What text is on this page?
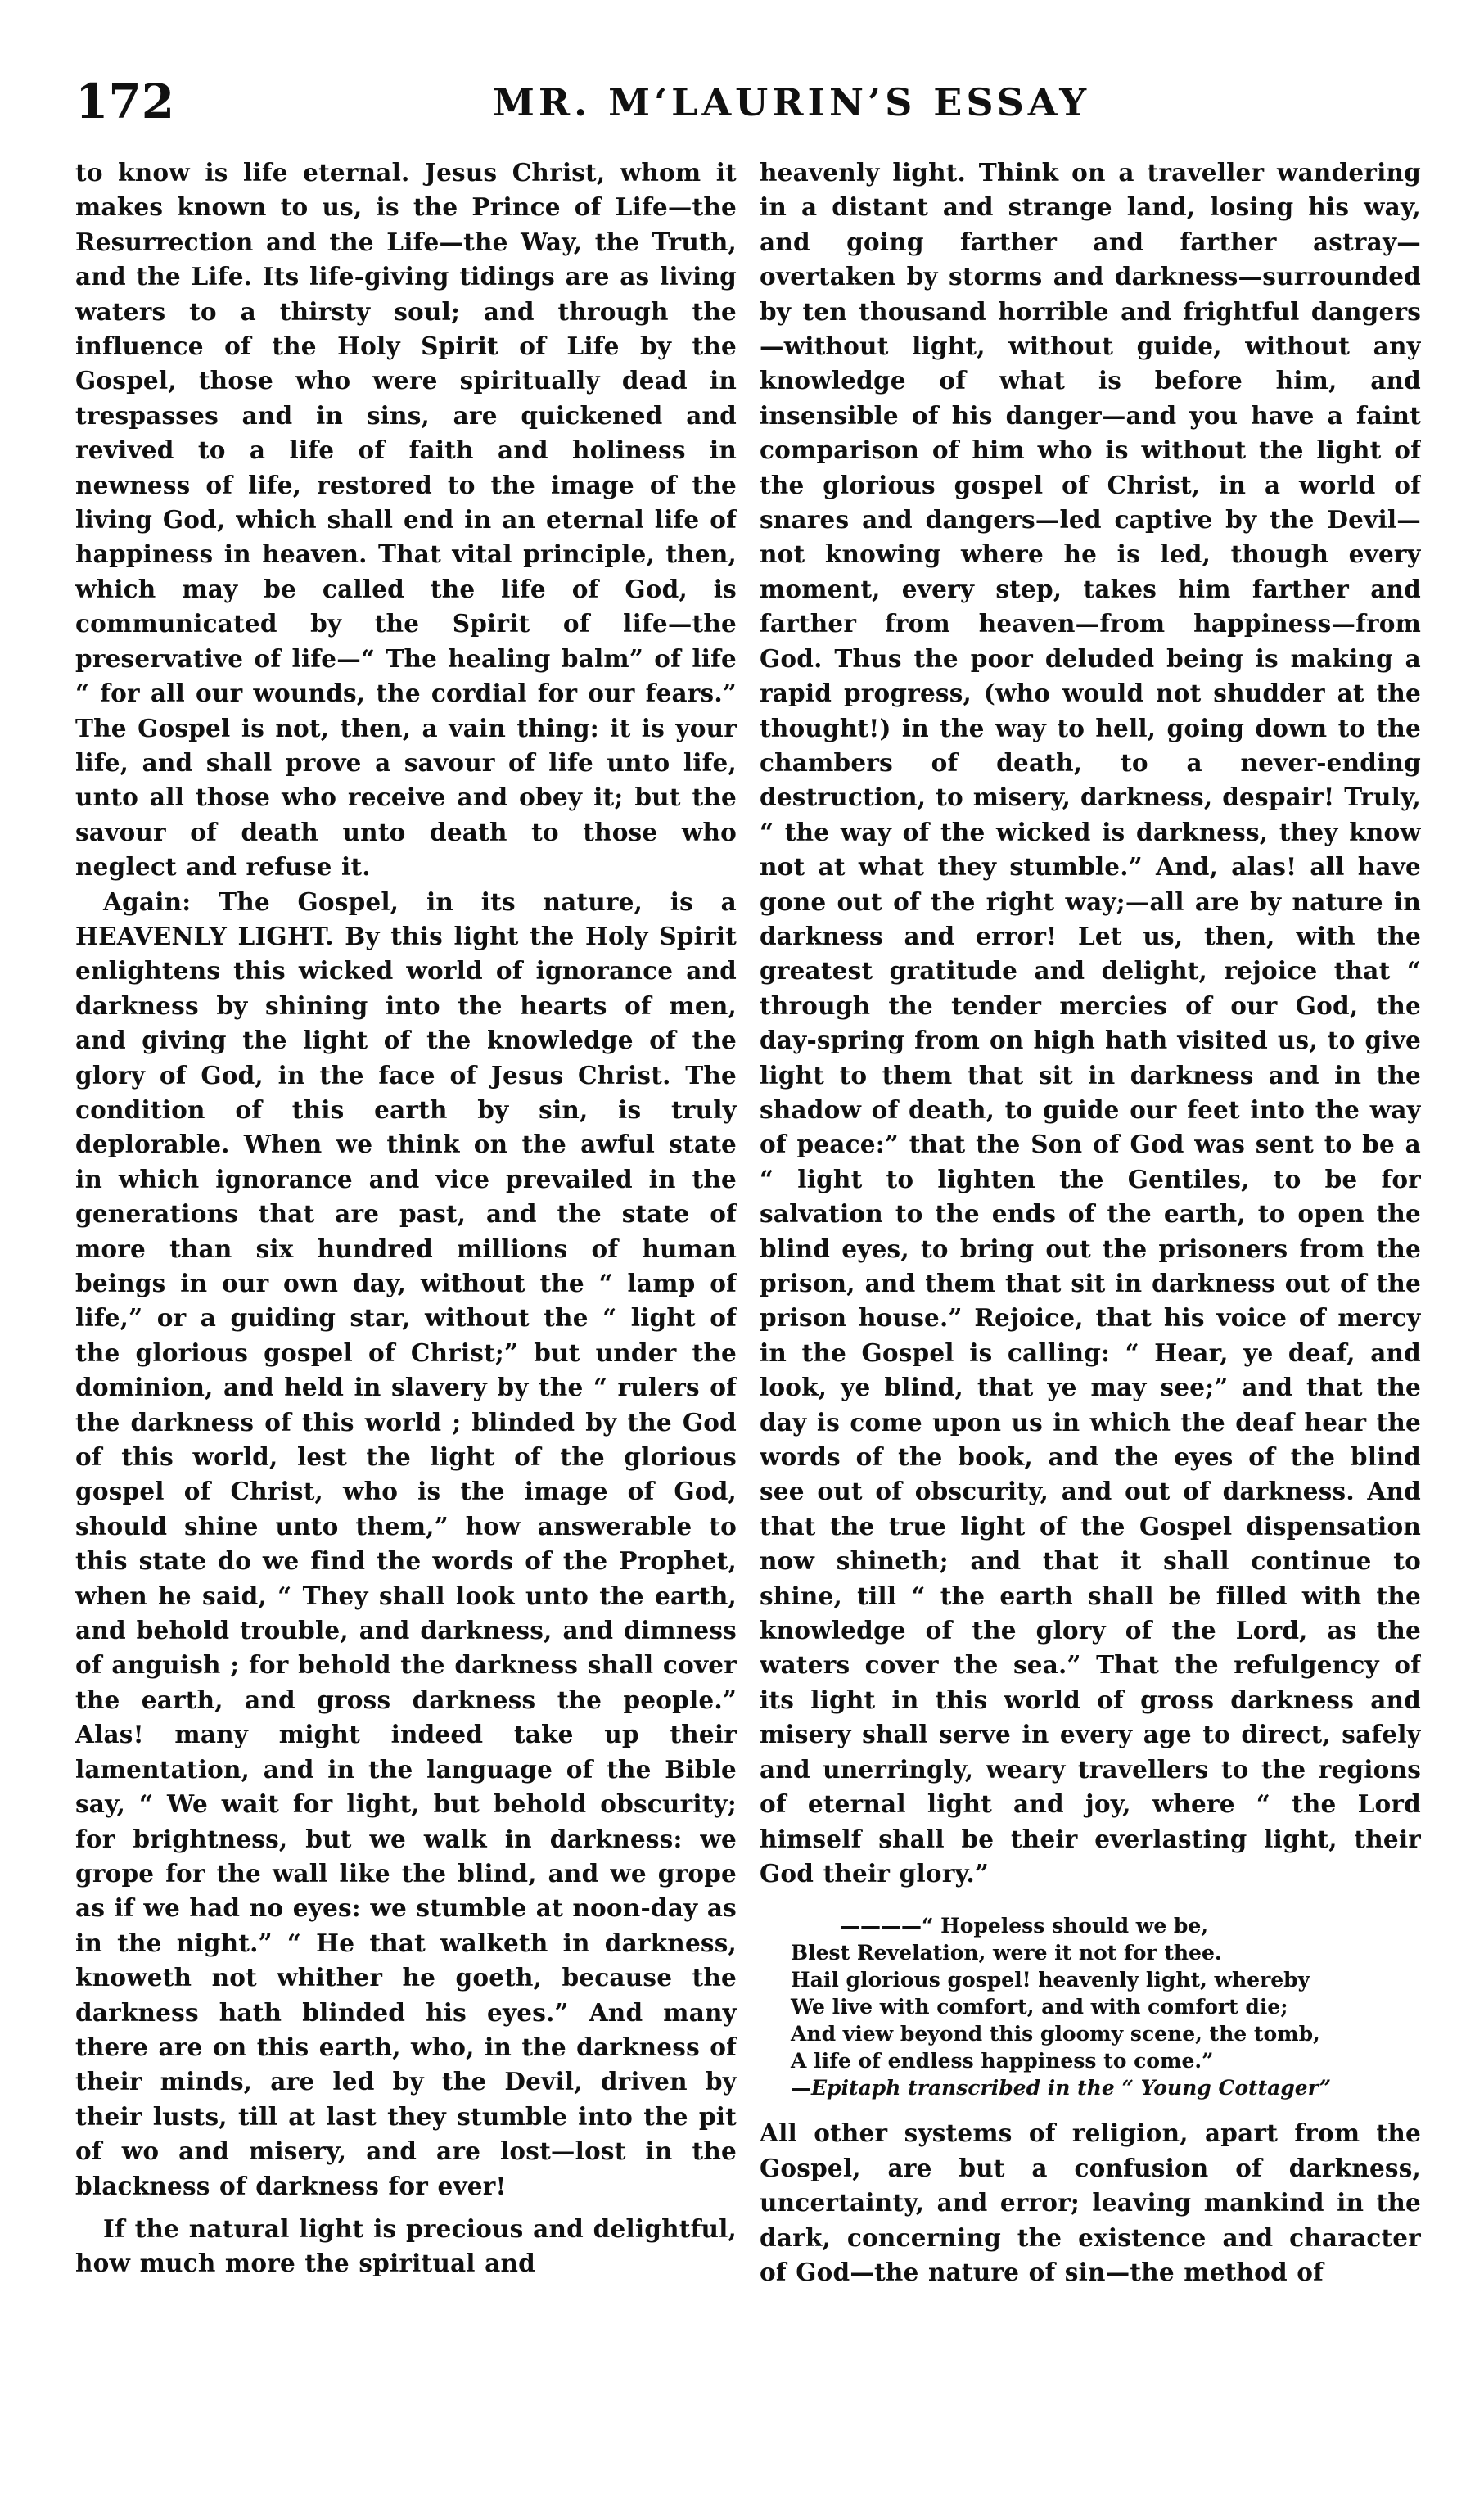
172	MR. M‘LAURIN’S ESSAY

to know is life eternal. Jesus Christ, whom it makes known to us, is the Prince of Life—the Resurrection and the Life—the Way, the Truth, and the Life. Its life-giving tidings are as living waters to a thirsty soul; and through the influence of the Holy Spirit of Life by the Gospel, those who were spiritually dead in trespasses and in sins, are quickened and revived to a life of faith and holiness in newness of life, restored to the image of the living God, which shall end in an eternal life of happiness in heaven. That vital principle, then, which may be called the life of God, is communicated by the Spirit of life—the preservative of life—“ The healing balm” of life “ for all our wounds, the cordial for our fears.” The Gospel is not, then, a vain thing: it is your life, and shall prove a savour of life unto life, unto all those who receive and obey it; but the savour of death unto death to those who neglect and refuse it.

Again: The Gospel, in its nature, is a HEAVENLY LIGHT. By this light the Holy Spirit enlightens this wicked world of ignorance and darkness by shining into the hearts of men, and giving the light of the knowledge of the glory of God, in the face of Jesus Christ. The condition of this earth by sin, is truly deplorable. When we think on the awful state in which ignorance and vice prevailed in the generations that are past, and the state of more than six hundred millions of human beings in our own day, without the “ lamp of life,” or a guiding star, without the “ light of the glorious gospel of Christ;” but under the dominion, and held in slavery by the “ rulers of the darkness of this world ; blinded by the God of this world, lest the light of the glorious gospel of Christ, who is the image of God, should shine unto them,” how answerable to this state do we find the words of the Prophet, when he said, “ They shall look unto the earth, and behold trouble, and darkness, and dimness of anguish ; for behold the darkness shall cover the earth, and gross darkness the people.” Alas! many might indeed take up their lamentation, and in the language of the Bible say, “ We wait for light, but behold obscurity; for brightness, but we walk in darkness: we grope for the wall like the blind, and we grope as if we had no eyes: we stumble at noon-day as in the night.” “ He that walketh in darkness, knoweth not whither he goeth, because the darkness hath blinded his eyes.” And many there are on this earth, who, in the darkness of their minds, are led by the Devil, driven by their lusts, till at last they stumble into the pit of wo and misery, and are lost—lost in the blackness of darkness for ever!

If the natural light is precious and delightful, how much more the spiritual and

heavenly light. Think on a traveller wandering in a distant and strange land, losing his way, and going farther and farther astray—overtaken by storms and darkness—surrounded by ten thousand horrible and frightful dangers—without light, without guide, without any knowledge of what is before him, and insensible of his danger—and you have a faint comparison of him who is without the light of the glorious gospel of Christ, in a world of snares and dangers—led captive by the Devil—not knowing where he is led, though every moment, every step, takes him farther and farther from heaven—from happiness—from God. Thus the poor deluded being is making a rapid progress, (who would not shudder at the thought!) in the way to hell, going down to the chambers of death, to a never-ending destruction, to misery, darkness, despair! Truly, “ the way of the wicked is darkness, they know not at what they stumble.” And, alas! all have gone out of the right way;—all are by nature in darkness and error! Let us, then, with the greatest gratitude and delight, rejoice that “ through the tender mercies of our God, the day-spring from on high hath visited us, to give light to them that sit in darkness and in the shadow of death, to guide our feet into the way of peace:” that the Son of God was sent to be a “ light to lighten the Gentiles, to be for salvation to the ends of the earth, to open the blind eyes, to bring out the prisoners from the prison, and them that sit in darkness out of the prison house.” Rejoice, that his voice of mercy in the Gospel is calling: “ Hear, ye deaf, and look, ye blind, that ye may see;” and that the day is come upon us in which the deaf hear the words of the book, and the eyes of the blind see out of obscurity, and out of darkness. And that the true light of the Gospel dispensation now shineth; and that it shall continue to shine, till “ the earth shall be filled with the knowledge of the glory of the Lord, as the waters cover the sea.” That the refulgency of its light in this world of gross darkness and misery shall serve in every age to direct, safely and unerringly, weary travellers to the regions of eternal light and joy, where “ the Lord himself shall be their everlasting light, their God their glory.”

————“ Hopeless should we be,
Blest Revelation, were it not for thee.
Hail glorious gospel! heavenly light, whereby
We live with comfort, and with comfort die;
And view beyond this gloomy scene, the tomb,
A life of endless happiness to come.”
—Epitaph transcribed in the “ Young Cottager”

All other systems of religion, apart from the Gospel, are but a confusion of darkness, uncertainty, and error; leaving mankind in the dark, concerning the existence and character of God—the nature of sin—the method of
